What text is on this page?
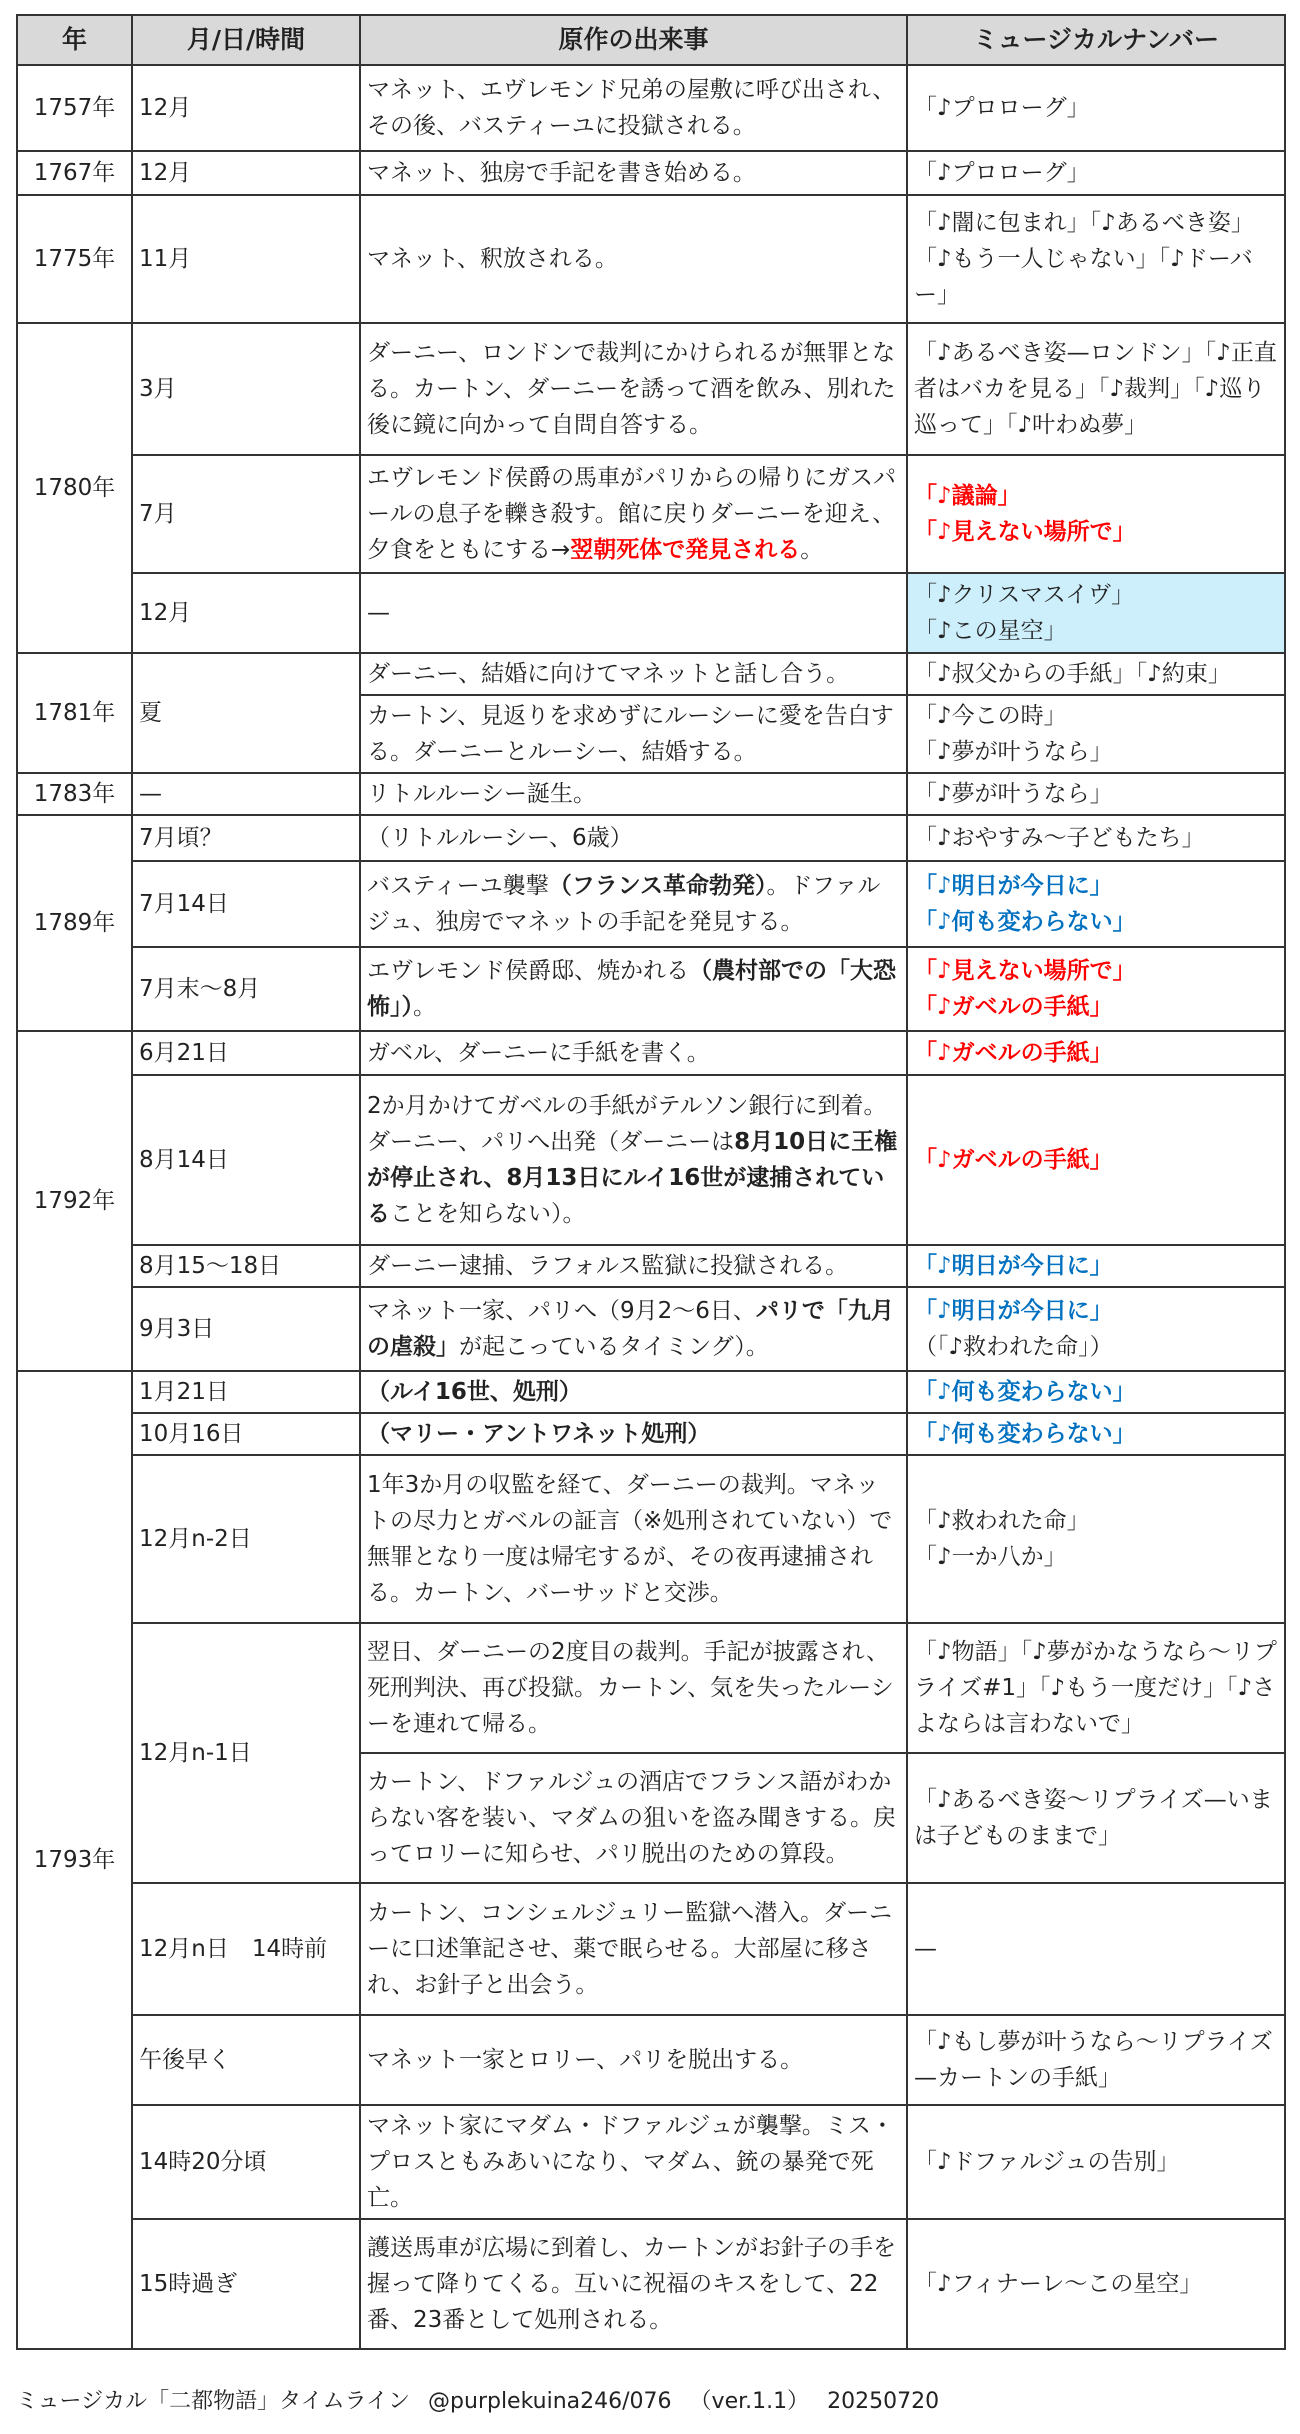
年	月/日/時間	原作の出来事	ミュージカルナンバー
1757年	12月	マネット、エヴレモンド兄弟の屋敷に呼び出され、その後、バスティーユに投獄される。	「♪プロローグ」
1767年	12月	マネット、独房で手記を書き始める。	「♪プロローグ」
1775年	11月	マネット、釈放される。	「♪闇に包まれ」「♪あるべき姿」「♪もう一人じゃない」「♪ドーバー」
1780年	3月	ダーニー、ロンドンで裁判にかけられるが無罪となる。カートン、ダーニーを誘って酒を飲み、別れた後に鏡に向かって自問自答する。	「♪あるべき姿—ロンドン」「♪正直者はバカを見る」「♪裁判」「♪巡り巡って」「♪叶わぬ夢」
	7月	エヴレモンド侯爵の馬車がパリからの帰りにガスパールの息子を轢き殺す。館に戻りダーニーを迎え、夕食をともにする→翌朝死体で発見される。	「♪議論」
「♪見えない場所で」

	12月	—	「♪クリスマスイヴ」
「♪この星空」

1781年	夏	ダーニー、結婚に向けてマネットと話し合う。	「♪叔父からの手紙」「♪約束」
		カートン、見返りを求めずにルーシーに愛を告白する。ダーニーとルーシー、結婚する。	「♪今この時」
「♪夢が叶うなら」

1783年	—	リトルルーシー誕生。	「♪夢が叶うなら」
1789年	7月頃？	（リトルルーシー、6歳）	「♪おやすみ～子どもたち」
	7月14日	バスティーユ襲撃（フランス革命勃発）。ドファルジュ、独房でマネットの手記を発見する。	「♪明日が今日に」
「♪何も変わらない」

	7月末～8月	エヴレモンド侯爵邸、焼かれる（農村部での「大恐怖」）。	「♪見えない場所で」
「♪ガベルの手紙」

1792年	6月21日	ガベル、ダーニーに手紙を書く。	「♪ガベルの手紙」
	8月14日	2か月かけてガベルの手紙がテルソン銀行に到着。ダーニー、パリへ出発（ダーニーは8月10日に王権が停止され、8月13日にルイ16世が逮捕されていることを知らない）。	「♪ガベルの手紙」
	8月15～18日	ダーニー逮捕、ラフォルス監獄に投獄される。	「♪明日が今日に」
	9月3日	マネット一家、パリへ（9月2～6日、パリで「九月の虐殺」が起こっているタイミング）。	「♪明日が今日に」
（「♪救われた命」）

1793年	1月21日	（ルイ16世、処刑）	「♪何も変わらない」
	10月16日	（マリー・アントワネット処刑）	「♪何も変わらない」
	12月n-2日	1年3か月の収監を経て、ダーニーの裁判。マネットの尽力とガベルの証言（※処刑されていない）で無罪となり一度は帰宅するが、その夜再逮捕される。カートン、バーサッドと交渉。	「♪救われた命」
「♪一か八か」

	12月n-1日	翌日、ダーニーの2度目の裁判。手記が披露され、死刑判決、再び投獄。カートン、気を失ったルーシーを連れて帰る。	「♪物語」「♪夢がかなうなら～リプライズ#1」「♪もう一度だけ」「♪さよならは言わないで」
		カートン、ドファルジュの酒店でフランス語がわからない客を装い、マダムの狙いを盗み聞きする。戻ってロリーに知らせ、パリ脱出のための算段。	「♪あるべき姿～リプライズ—いまは子どものままで」
	12月n日　14時前	カートン、コンシェルジュリー監獄へ潜入。ダーニーに口述筆記させ、薬で眠らせる。大部屋に移され、お針子と出会う。	—
	午後早く	マネット一家とロリー、パリを脱出する。	「♪もし夢が叶うなら～リプライズ—カートンの手紙」
	14時20分頃	マネット家にマダム・ドファルジュが襲撃。ミス・プロスともみあいになり、マダム、銃の暴発で死亡。	「♪ドファルジュの告別」
	15時過ぎ	護送馬車が広場に到着し、カートンがお針子の手を握って降りてくる。互いに祝福のキスをして、22番、23番として処刑される。	「♪フィナーレ～この星空」
ミュージカル「二都物語」タイムライン @purplekuina246/076 （ver.1.1） 20250720
